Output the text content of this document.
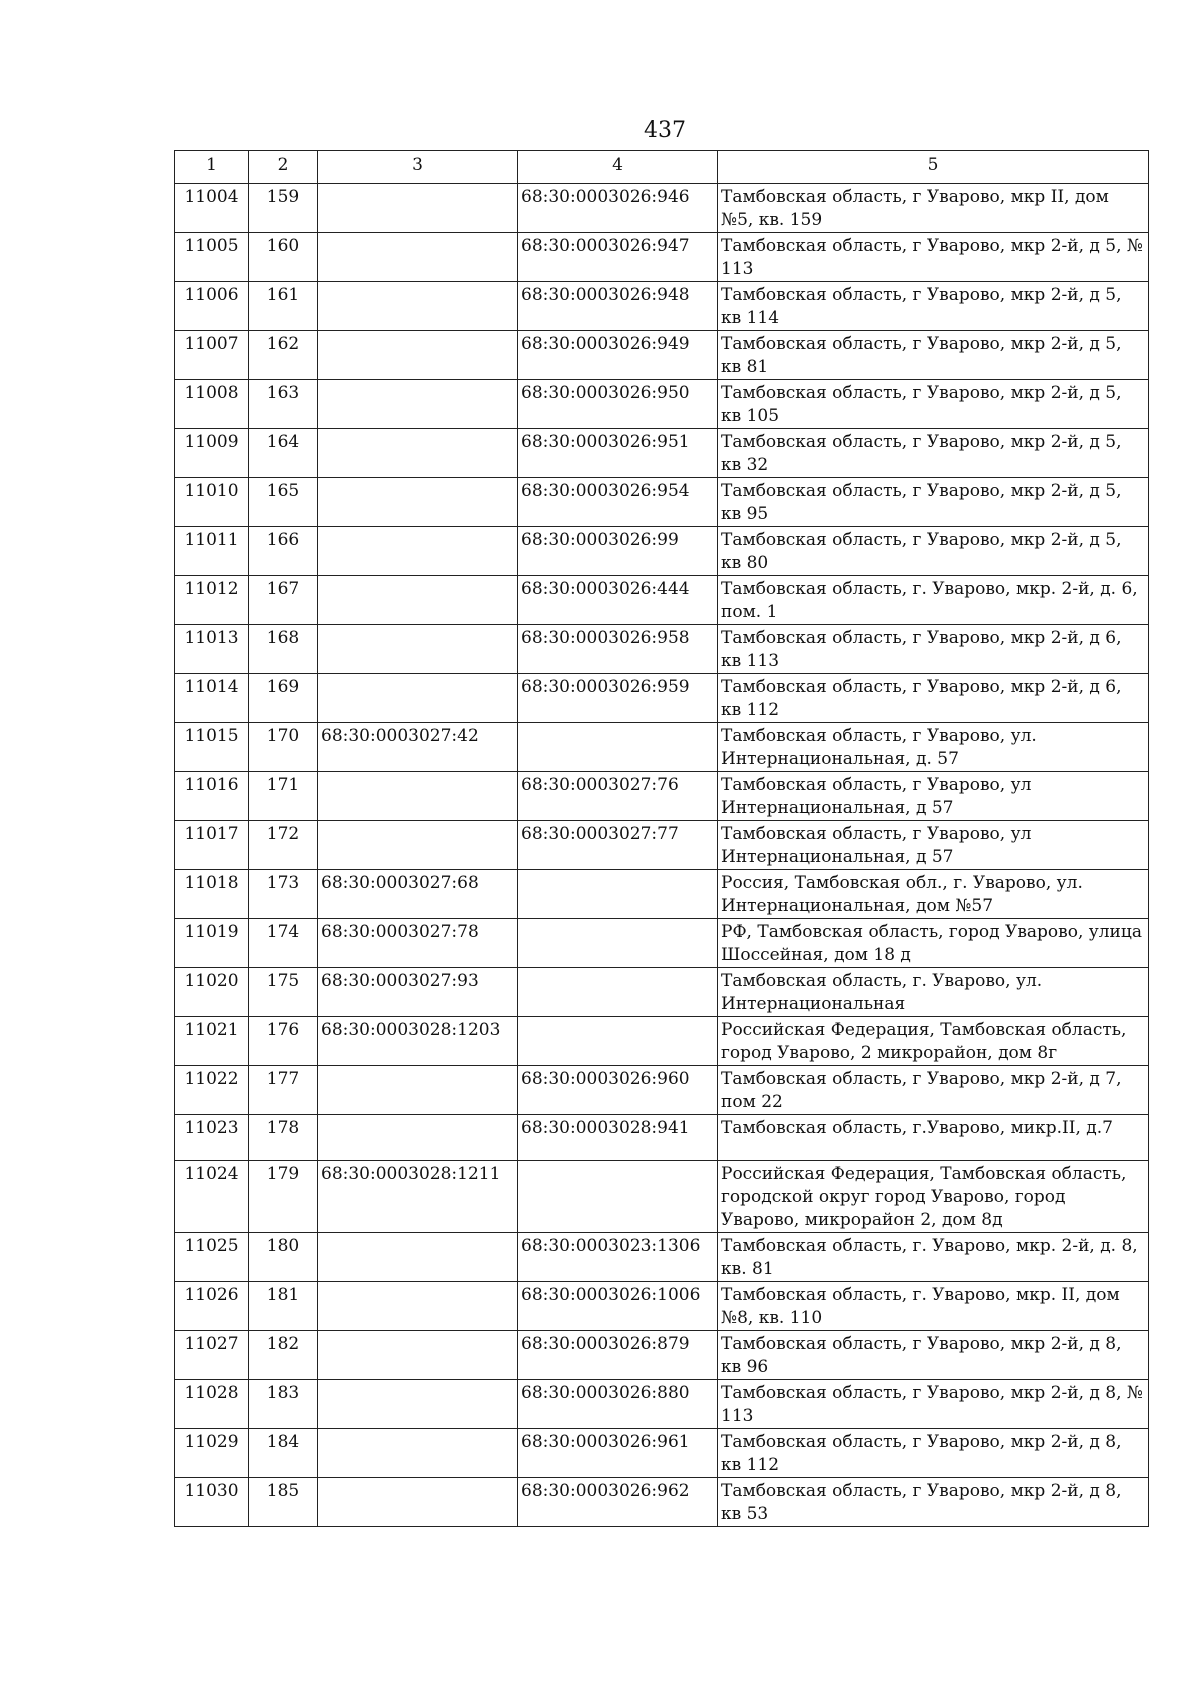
437
1	2	3	4	5
11004	159		68:30:0003026:946	Тамбовская область, г Уварово, мкр II, дом №5, кв. 159
11005	160		68:30:0003026:947	Тамбовская область, г Уварово, мкр 2-й, д 5, № 113
11006	161		68:30:0003026:948	Тамбовская область, г Уварово, мкр 2-й, д 5, кв 114
11007	162		68:30:0003026:949	Тамбовская область, г Уварово, мкр 2-й, д 5, кв 81
11008	163		68:30:0003026:950	Тамбовская область, г Уварово, мкр 2-й, д 5, кв 105
11009	164		68:30:0003026:951	Тамбовская область, г Уварово, мкр 2-й, д 5, кв 32
11010	165		68:30:0003026:954	Тамбовская область, г Уварово, мкр 2-й, д 5, кв 95
11011	166		68:30:0003026:99	Тамбовская область, г Уварово, мкр 2-й, д 5, кв 80
11012	167		68:30:0003026:444	Тамбовская область, г. Уварово, мкр. 2-й, д. 6, пом. 1
11013	168		68:30:0003026:958	Тамбовская область, г Уварово, мкр 2-й, д 6, кв 113
11014	169		68:30:0003026:959	Тамбовская область, г Уварово, мкр 2-й, д 6, кв 112
11015	170	68:30:0003027:42		Тамбовская область, г Уварово, ул. Интернациональная, д. 57
11016	171		68:30:0003027:76	Тамбовская область, г Уварово, ул Интернациональная, д 57
11017	172		68:30:0003027:77	Тамбовская область, г Уварово, ул Интернациональная, д 57
11018	173	68:30:0003027:68		Россия, Тамбовская обл., г. Уварово, ул. Интернациональная, дом №57
11019	174	68:30:0003027:78		РФ, Тамбовская область, город Уварово, улица Шоссейная, дом 18 д
11020	175	68:30:0003027:93		Тамбовская область, г. Уварово, ул. Интернациональная
11021	176	68:30:0003028:1203		Российская Федерация, Тамбовская область, город Уварово, 2 микрорайон, дом 8г
11022	177		68:30:0003026:960	Тамбовская область, г Уварово, мкр 2-й, д 7, пом 22
11023	178		68:30:0003028:941	Тамбовская область, г.Уварово, микр.II, д.7
11024	179	68:30:0003028:1211		Российская Федерация, Тамбовская область, городской округ город Уварово, город Уварово, микрорайон 2, дом 8д
11025	180		68:30:0003023:1306	Тамбовская область, г. Уварово, мкр. 2-й, д. 8, кв. 81
11026	181		68:30:0003026:1006	Тамбовская область, г. Уварово, мкр. II, дом №8, кв. 110
11027	182		68:30:0003026:879	Тамбовская область, г Уварово, мкр 2-й, д 8, кв 96
11028	183		68:30:0003026:880	Тамбовская область, г Уварово, мкр 2-й, д 8, № 113
11029	184		68:30:0003026:961	Тамбовская область, г Уварово, мкр 2-й, д 8, кв 112
11030	185		68:30:0003026:962	Тамбовская область, г Уварово, мкр 2-й, д 8, кв 53
